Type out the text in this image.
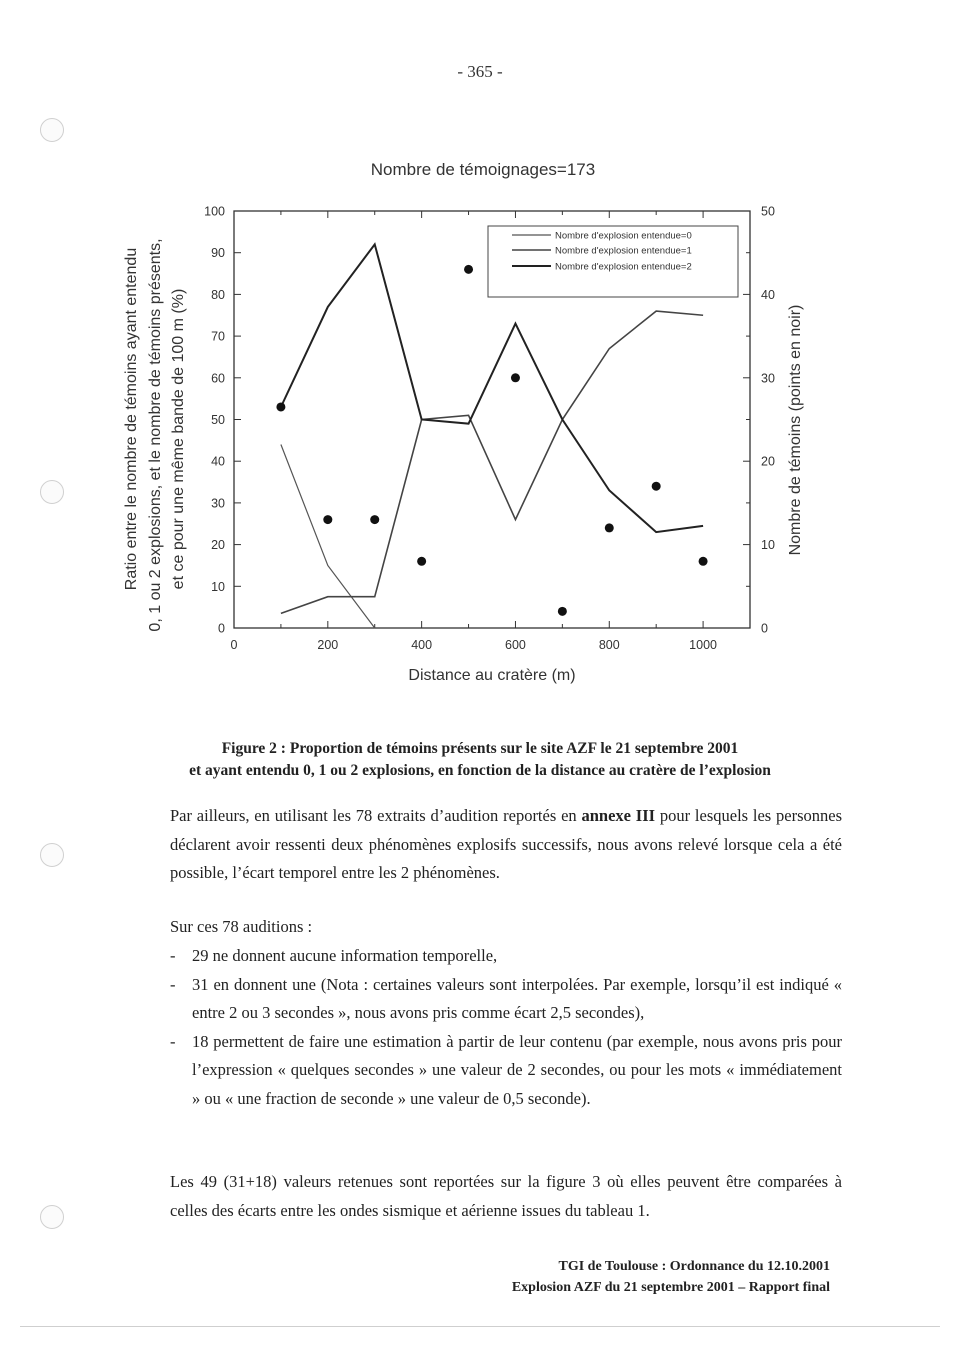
- 365 -
Nombre de témoignages=173
0	200	400	600	800	1000
0
10
20
30
40
50
60
70
80
90
100
0
10
20
30
40
50
Nombre d'explosion entendue=0
Nombre d'explosion entendue=1
Nombre d'explosion entendue=2
Distance au cratère (m)
Ratio entre le nombre de témoins ayant entendu 0, 1 ou 2 explosions, et le nombre de témoins présents, et ce pour une même bande de 100 m (%)	Nombre de témoins (points en noir)
Figure 2 : Proportion de témoins présents sur le site AZF le 21 septembre 2001
et ayant entendu 0, 1 ou 2 explosions, en fonction de la distance au cratère de l’explosion

Par ailleurs, en utilisant les 78 extraits d’audition reportés en annexe III pour lesquels les personnes déclarent avoir ressenti deux phénomènes explosifs successifs, nous avons relevé lorsque cela a été possible, l’écart temporel entre les 2 phénomènes.

Sur ces 78 auditions :

- 29 ne donnent aucune information temporelle,
- 31 en donnent une (Nota : certaines valeurs sont interpolées. Par exemple, lorsqu’il est indiqué « entre 2 ou 3 secondes », nous avons pris comme écart 2,5 secondes),
- 18 permettent de faire une estimation à partir de leur contenu (par exemple, nous avons pris pour l’expression « quelques secondes » une valeur de 2 secondes, ou pour les mots « immédiatement » ou « une fraction de seconde » une valeur de 0,5 seconde).

Les 49 (31+18) valeurs retenues sont reportées sur la figure 3 où elles peuvent être comparées à celles des écarts entre les ondes sismique et aérienne issues du tableau 1.

TGI de Toulouse : Ordonnance du 12.10.2001
Explosion AZF du 21 septembre 2001 – Rapport final
